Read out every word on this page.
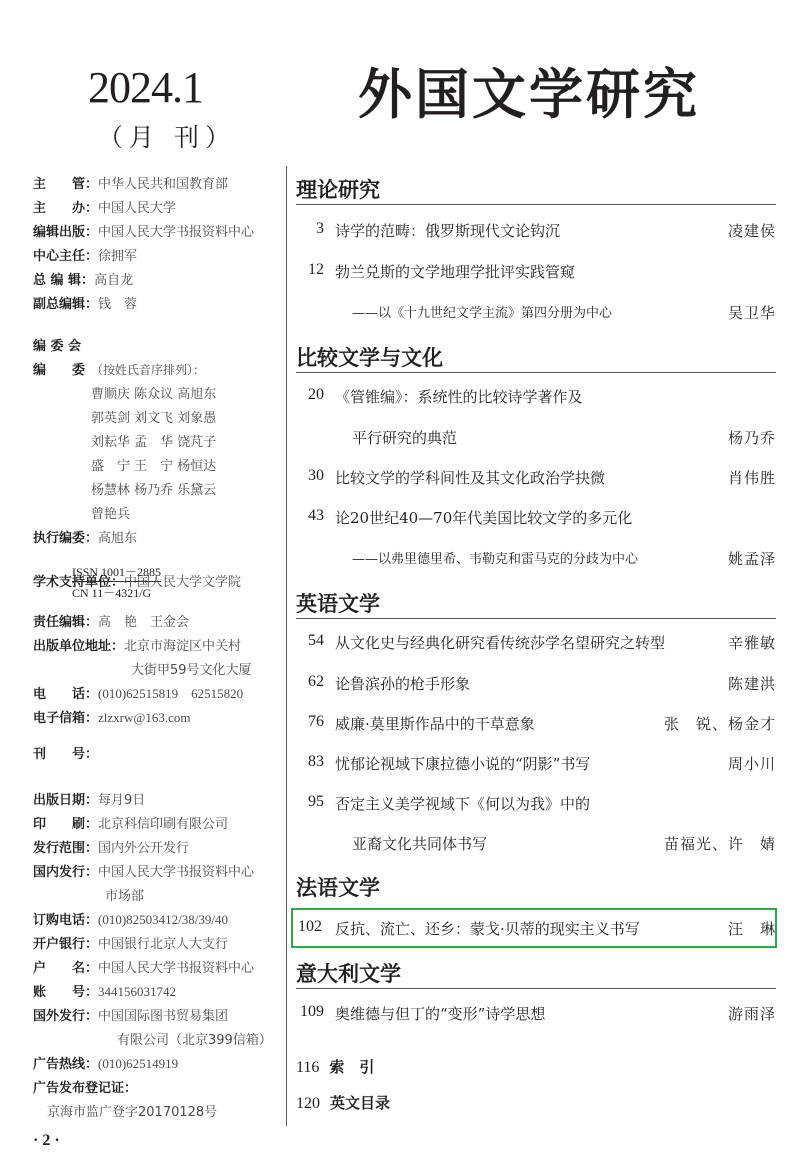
2024.1
（月 刊）
外国文学研究
主　　管：中华人民共和国教育部
主　　办：中国人民大学
编辑出版：中国人民大学书报资料中心
中心主任：徐拥军
总 编 辑：高自龙
副总编辑：钱　蓉
编 委 会
编　　委 （按姓氏音序排列）：
曹顺庆 陈众议 高旭东
郭英剑 刘文飞 刘象愚
刘耘华 孟　华 饶芃子
盛　宁 王　宁 杨恒达
杨慧林 杨乃乔 乐黛云
曾艳兵
执行编委：高旭东
学术支持单位：中国人民大学文学院
责任编辑：高　艳　王金会
出版单位地址：北京市海淀区中关村
大街甲59号文化大厦
电　　话：(010)62515819　62515820
电子信箱：zlzxrw@163.com
刊　　号：
出版日期：每月9日
印　　刷：北京科信印刷有限公司
发行范围：国内外公开发行
国内发行：中国人民大学书报资料中心
市场部
订购电话：(010)82503412/38/39/40
开户银行：中国银行北京人大支行
户　　名：中国人民大学书报资料中心
账　　号：344156031742
国外发行：中国国际图书贸易集团
有限公司（北京399信箱）
广告热线：(010)62514919
广告发布登记证：
京海市监广登字20170128号
ISSN 1001－2885
CN 11－4321/G
· 2 ·
理论研究
3 诗学的范畴：俄罗斯现代文论钩沉	凌建侯
12 勃兰兑斯的文学地理学批评实践管窥
——以《十九世纪文学主流》第四分册为中心	吴卫华
比较文学与文化
20 《管锥编》：系统性的比较诗学著作及
平行研究的典范	杨乃乔
30 比较文学的学科间性及其文化政治学抉微	肖伟胜
43 论20世纪40—70年代美国比较文学的多元化
——以弗里德里希、韦勒克和雷马克的分歧为中心	姚孟泽
英语文学
54 从文化史与经典化研究看传统莎学名望研究之转型	辛雅敏
62 论鲁滨孙的枪手形象	陈建洪
76 威廉·莫里斯作品中的干草意象	张　锐、杨金才
83 忧郁论视域下康拉德小说的“阴影”书写	周小川
95 否定主义美学视域下《何以为我》中的
亚裔文化共同体书写	苗福光、许　婧
法语文学
102 反抗、流亡、还乡：蒙戈·贝蒂的现实主义书写	汪　琳
意大利文学
109 奥维德与但丁的“变形”诗学思想	游雨泽
116 索　引
120 英文目录
